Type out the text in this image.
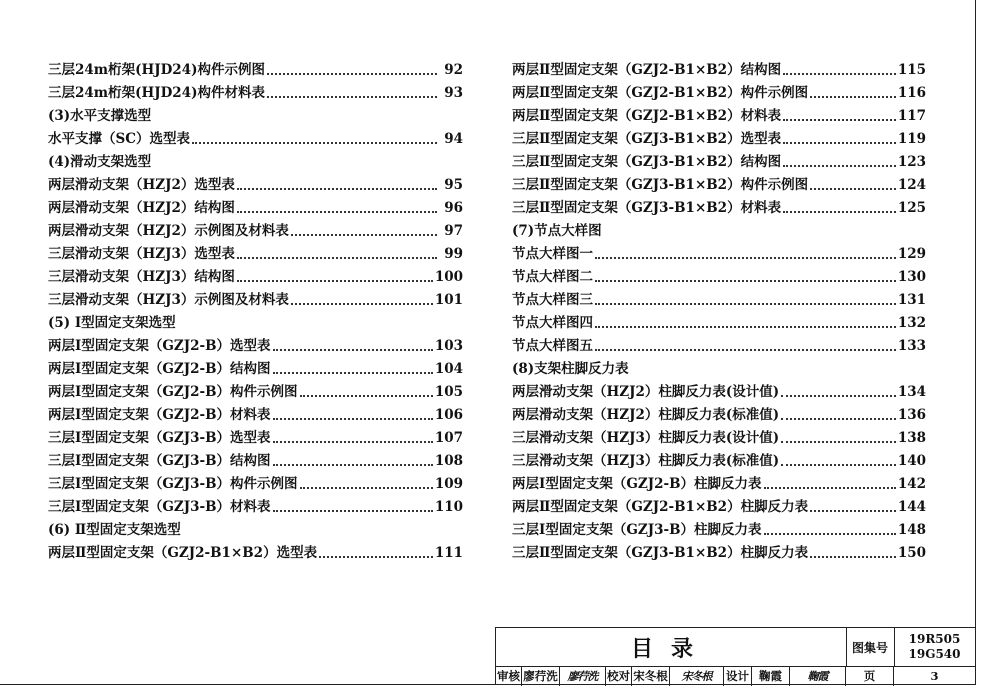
三层24m桁架(HJD24)构件示例图	92
三层24m桁架(HJD24)构件材料表	93
(3)水平支撑选型
水平支撑（SC）选型表	94
(4)滑动支架选型
两层滑动支架（HZJ2）选型表	95
两层滑动支架（HZJ2）结构图	96
两层滑动支架（HZJ2）示例图及材料表	97
三层滑动支架（HZJ3）选型表	99
三层滑动支架（HZJ3）结构图	100
三层滑动支架（HZJ3）示例图及材料表	101
(5) Ⅰ型固定支架选型
两层Ⅰ型固定支架（GZJ2-B）选型表	103
两层Ⅰ型固定支架（GZJ2-B）结构图	104
两层Ⅰ型固定支架（GZJ2-B）构件示例图	105
两层Ⅰ型固定支架（GZJ2-B）材料表	106
三层Ⅰ型固定支架（GZJ3-B）选型表	107
三层Ⅰ型固定支架（GZJ3-B）结构图	108
三层Ⅰ型固定支架（GZJ3-B）构件示例图	109
三层Ⅰ型固定支架（GZJ3-B）材料表	110
(6) Ⅱ型固定支架选型
两层Ⅱ型固定支架（GZJ2-B1×B2）选型表	111
两层Ⅱ型固定支架（GZJ2-B1×B2）结构图	115
两层Ⅱ型固定支架（GZJ2-B1×B2）构件示例图	116
两层Ⅱ型固定支架（GZJ2-B1×B2）材料表	117
三层Ⅱ型固定支架（GZJ3-B1×B2）选型表	119
三层Ⅱ型固定支架（GZJ3-B1×B2）结构图	123
三层Ⅱ型固定支架（GZJ3-B1×B2）构件示例图	124
三层Ⅱ型固定支架（GZJ3-B1×B2）材料表	125
(7)节点大样图
节点大样图一	129
节点大样图二	130
节点大样图三	131
节点大样图四	132
节点大样图五	133
(8)支架柱脚反力表
两层滑动支架（HZJ2）柱脚反力表(设计值)	134
两层滑动支架（HZJ2）柱脚反力表(标准值)	136
三层滑动支架（HZJ3）柱脚反力表(设计值)	138
三层滑动支架（HZJ3）柱脚反力表(标准值)	140
两层Ⅰ型固定支架（GZJ2-B）柱脚反力表	142
两层Ⅱ型固定支架（GZJ2-B1×B2）柱脚反力表	144
三层Ⅰ型固定支架（GZJ3-B）柱脚反力表	148
三层Ⅱ型固定支架（GZJ3-B1×B2）柱脚反力表	150
目录	图集号
19R505
19G540
审核 廖荇洗 廖荇洗 校对 宋冬根	宋冬根	设计 鞠霞	鞠霞	页	3
